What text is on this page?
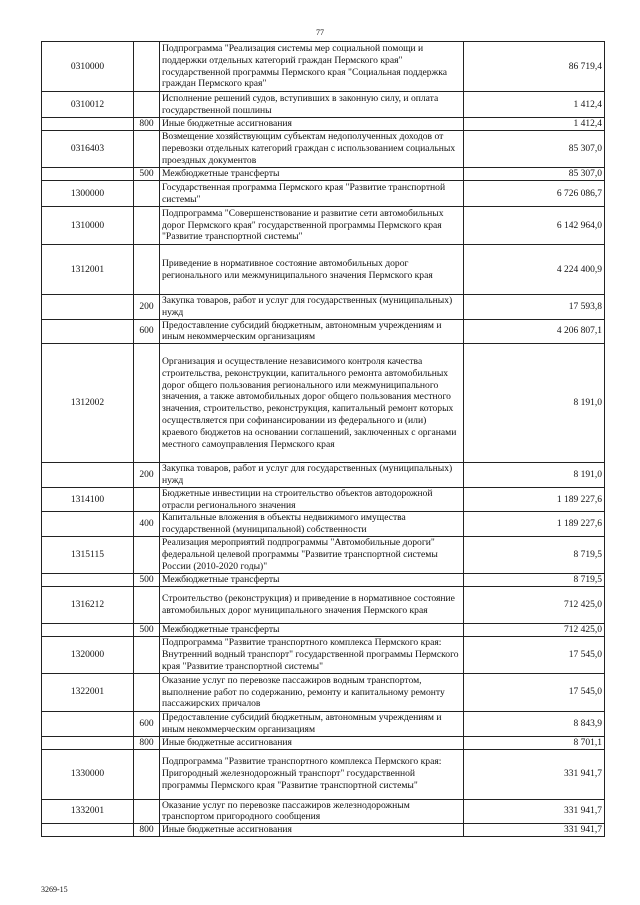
77
0310000		Подпрограмма "Реализация системы мер социальной помощи и поддержки отдельных категорий граждан Пермского края" государственной программы Пермского края "Социальная поддержка граждан Пермского края"	86 719,4
0310012		Исполнение решений судов, вступивших в законную силу, и оплата государственной пошлины	1 412,4
	800	Иные бюджетные ассигнования	1 412,4
0316403		Возмещение хозяйствующим субъектам недополученных доходов от перевозки отдельных категорий граждан с использованием социальных проездных документов	85 307,0
	500	Межбюджетные трансферты	85 307,0
1300000		Государственная программа Пермского края "Развитие транспортной системы"	6 726 086,7
1310000		Подпрограмма "Совершенствование и развитие сети автомобильных дорог Пермского края" государственной программы Пермского края "Развитие транспортной системы"	6 142 964,0
1312001		Приведение в нормативное состояние автомобильных дорог регионального или межмуниципального значения Пермского края	4 224 400,9
	200	Закупка товаров, работ и услуг для государственных (муниципальных) нужд	17 593,8
	600	Предоставление субсидий бюджетным, автономным учреждениям и иным некоммерческим организациям	4 206 807,1
1312002		Организация и осуществление независимого контроля качества строительства, реконструкции, капитального ремонта автомобильных дорог общего пользования регионального или межмуниципального значения, а также автомобильных дорог общего пользования местного значения, строительство, реконструкция, капитальный ремонт которых осуществляется при софинансировании из федерального и (или) краевого бюджетов на основании соглашений, заключенных с органами местного самоуправления Пермского края	8 191,0
	200	Закупка товаров, работ и услуг для государственных (муниципальных) нужд	8 191,0
1314100		Бюджетные инвестиции на строительство объектов автодорожной отрасли регионального значения	1 189 227,6
	400	Капитальные вложения в объекты недвижимого имущества государственной (муниципальной) собственности	1 189 227,6
1315115		Реализация мероприятий подпрограммы "Автомобильные дороги" федеральной целевой программы "Развитие транспортной системы России (2010-2020 годы)"	8 719,5
	500	Межбюджетные трансферты	8 719,5
1316212		Строительство (реконструкция) и приведение в нормативное состояние автомобильных дорог муниципального значения Пермского края	712 425,0
	500	Межбюджетные трансферты	712 425,0
1320000		Подпрограмма "Развитие транспортного комплекса Пермского края: Внутренний водный транспорт" государственной программы Пермского края "Развитие транспортной системы"	17 545,0
1322001		Оказание услуг по перевозке пассажиров водным транспортом, выполнение работ по содержанию, ремонту и капитальному ремонту пассажирских причалов	17 545,0
	600	Предоставление субсидий бюджетным, автономным учреждениям и иным некоммерческим организациям	8 843,9
	800	Иные бюджетные ассигнования	8 701,1
1330000		Подпрограмма "Развитие транспортного комплекса Пермского края: Пригородный железнодорожный транспорт" государственной программы Пермского края "Развитие транспортной системы"	331 941,7
1332001		Оказание услуг по перевозке пассажиров железнодорожным транспортом пригородного сообщения	331 941,7
	800	Иные бюджетные ассигнования	331 941,7
3269-15
